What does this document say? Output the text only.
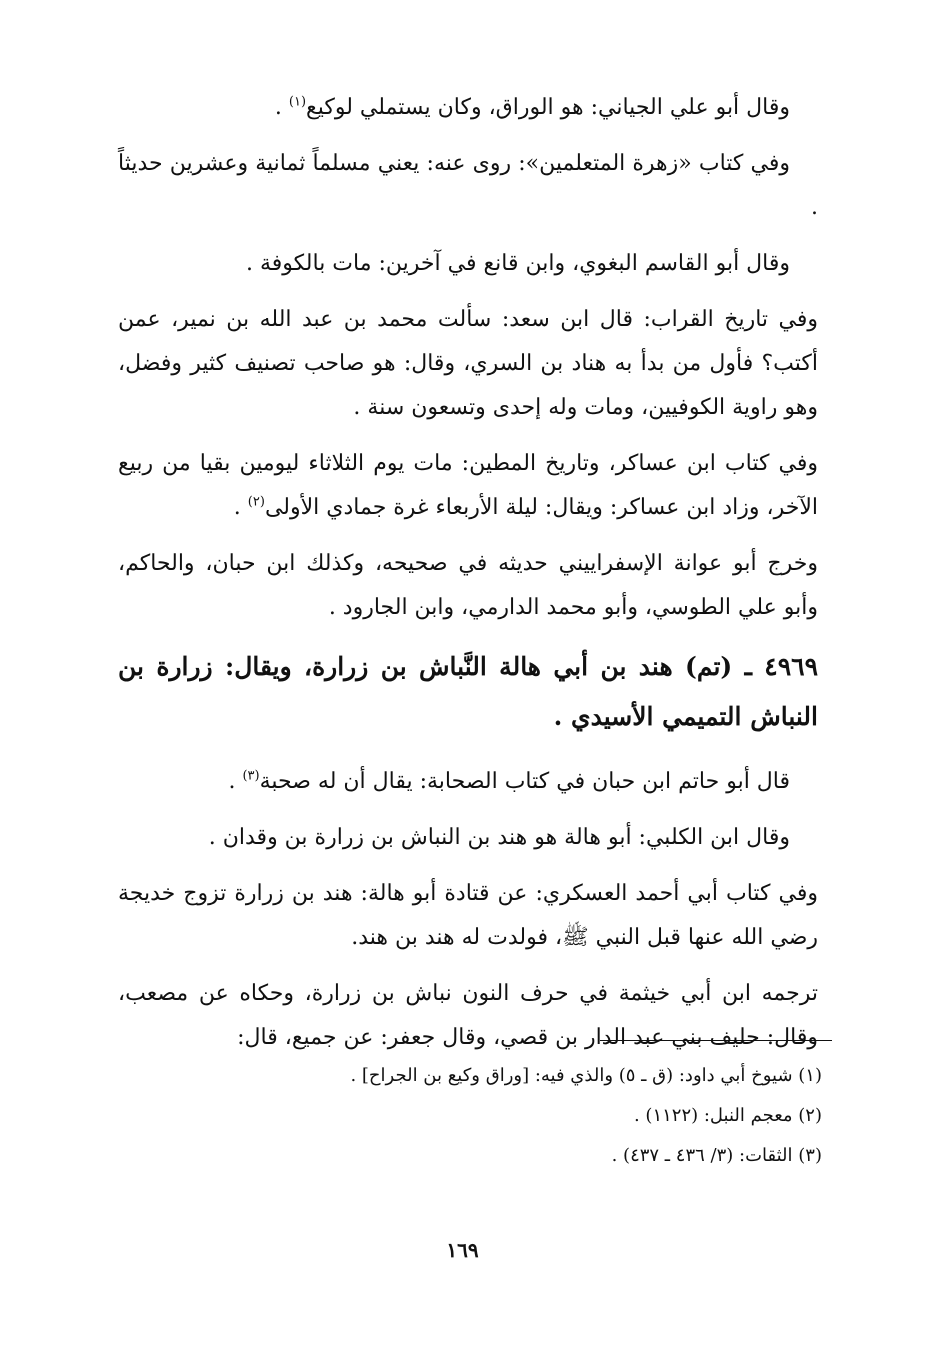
وقال أبو علي الجياني: هو الوراق، وكان يستملي لوكيع$^{(١)}$ .

وفي كتاب «زهرة المتعلمين»: روى عنه: يعني مسلماً ثمانية وعشرين حديثاً .

وقال أبو القاسم البغوي، وابن قانع في آخرين: مات بالكوفة .

وفي تاريخ القراب: قال ابن سعد: سألت محمد بن عبد الله بن نمير، عمن أكتب؟ فأول من بدأ به هناد بن السري، وقال: هو صاحب تصنيف كثير وفضل، وهو راوية الكوفيين، ومات وله إحدى وتسعون سنة .

وفي كتاب ابن عساكر، وتاريخ المطين: مات يوم الثلاثاء ليومين بقيا من ربيع الآخر، وزاد ابن عساكر: ويقال: ليلة الأربعاء غرة جمادي الأولى$^{(٢)}$ .

وخرج أبو عوانة الإسفراييني حديثه في صحيحه، وكذلك ابن حبان، والحاكم، وأبو علي الطوسي، وأبو محمد الدارمي، وابن الجارود .

٤٩٦٩ ـ (تم) هند بن أبي هالة النَّباش بن زرارة، ويقال: زرارة بن النباش التميمي الأسيدي .

قال أبو حاتم ابن حبان في كتاب الصحابة: يقال أن له صحبة$^{(٣)}$ .

وقال ابن الكلبي: أبو هالة هو هند بن النباش بن زرارة بن وقدان .

وفي كتاب أبي أحمد العسكري: عن قتادة أبو هالة: هند بن زرارة تزوج خديجة رضي الله عنها قبل النبي ﷺ، فولدت له هند بن هند.

ترجمه ابن أبي خيثمة في حرف النون نباش بن زرارة، وحكاه عن مصعب، وقال: حليف بني عبد الدار بن قصي، وقال جعفر: عن جميع، قال:

(١) شيوخ أبي داود: (ق ـ ٥) والذي فيه: [وراق وكيع بن الجراح] .

(٢) معجم النبل: (١١٢٢) .

(٣) الثقات: (٣/ ٤٣٦ ـ ٤٣٧) .

١٦٩
